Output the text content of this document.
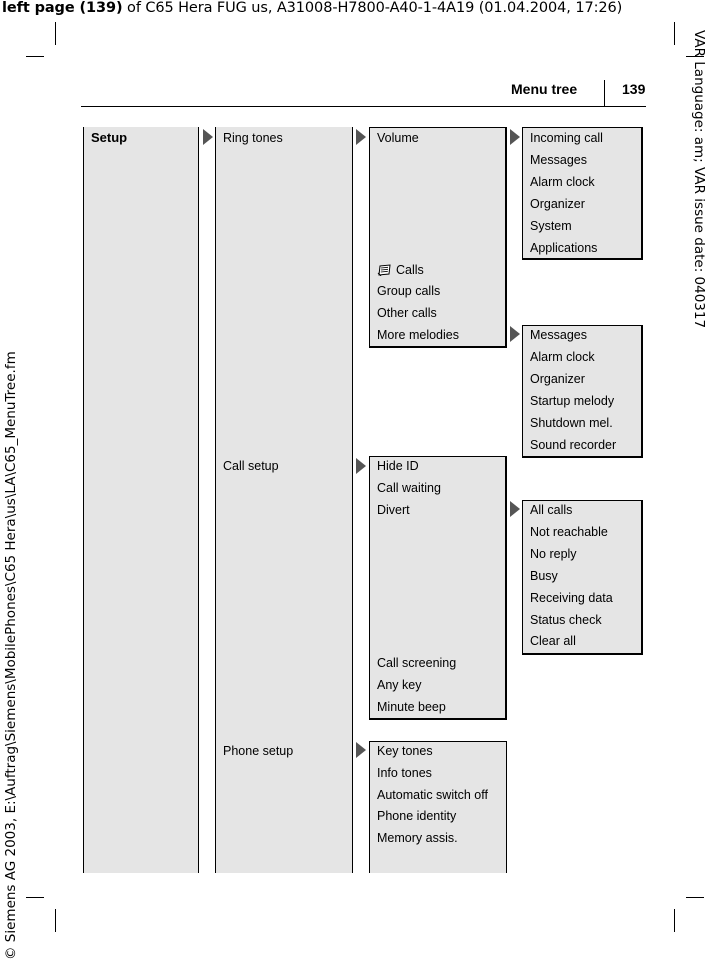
left page (139) of C65 Hera FUG us, A31008-H7800-A40-1-4A19 (01.04.2004, 17:26)
VAR Language: am; VAR issue date: 040317
© Siemens AG 2003, E:\Auftrag\Siemens\MobilePhones\C65 Hera\us\LA\C65_MenuTree.fm
Menu tree	139
Setup	Ring tones
Call setup
Phone setup
Volume
Calls
Group calls
Other calls
More melodies
Incoming call
Messages
Alarm clock
Organizer
System
Applications
Messages
Alarm clock
Organizer
Startup melody
Shutdown mel.
Sound recorder
Hide ID
Call waiting
Divert
Call screening
Any key
Minute beep
All calls
Not reachable
No reply
Busy
Receiving data
Status check
Clear all
Key tones
Info tones
Automatic switch off
Phone identity
Memory assis.
